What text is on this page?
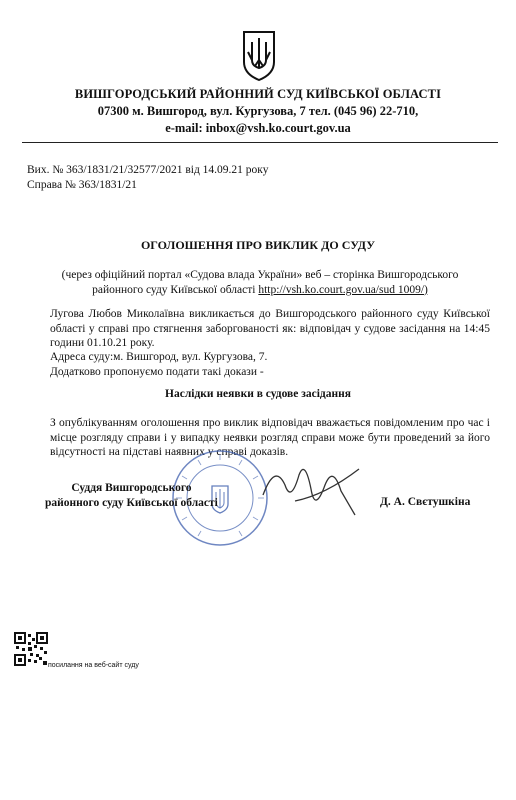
ВИШГОРОДСЬКИЙ РАЙОННИЙ СУД КИЇВСЬКОЇ ОБЛАСТІ
07300 м. Вишгород, вул. Кургузова, 7 тел. (045 96) 22-710,
e-mail: inbox@vsh.ko.court.gov.ua
Вих. № 363/1831/21/32577/2021 від 14.09.21 року
Справа № 363/1831/21
ОГОЛОШЕННЯ ПРО ВИКЛИК ДО СУДУ
(через офіційний портал «Судова влада України» веб – сторінка Вишгородського районного суду Київської області http://vsh.ko.court.gov.ua/sud 1009/)
Лугова Любов Миколаївна викликається до Вишгородського районного суду Київської області у справі про стягнення заборгованості як: відповідач у судове засідання на 14:45 години 01.10.21 року.
Адреса суду:м. Вишгород, вул. Кургузова, 7.
Додатково пропонуємо подати такі докази -
Наслідки неявки в судове засідання
З опублікуванням оголошення про виклик відповідач вважається повідомленим про час і місце розгляду справи і у випадку неявки розгляд справи може бути проведений за його відсутності на підставі наявних у справі доказів.
Суддя Вишгородського
районного суду Київської області	Д. А. Свєтушкіна
посилання на веб-сайт суду
